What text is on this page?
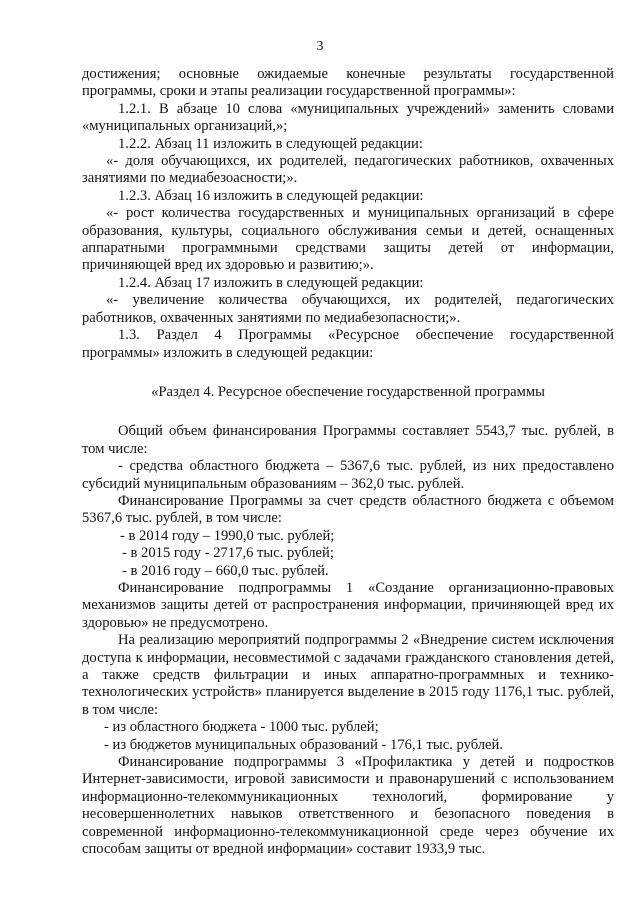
3

достижения; основные ожидаемые конечные результаты государственной программы, сроки и этапы реализации государственной программы»:

1.2.1. В абзаце 10 слова «муниципальных учреждений» заменить словами «муниципальных организаций,»;

1.2.2. Абзац 11 изложить в следующей редакции:

«- доля обучающихся, их родителей, педагогических работников, охваченных занятиями по медиабезоасности;».

1.2.3. Абзац 16 изложить в следующей редакции:

«- рост количества государственных и муниципальных организаций в сфере образования, культуры, социального обслуживания семьи и детей, оснащенных аппаратными программными средствами защиты детей от информации, причиняющей вред их здоровью и развитию;».

1.2.4. Абзац 17 изложить в следующей редакции:

«- увеличение количества обучающихся, их родителей, педагогических работников, охваченных занятиями по медиабезопасности;».

1.3. Раздел 4 Программы «Ресурсное обеспечение государственной программы» изложить в следующей редакции:

«Раздел 4. Ресурсное обеспечение государственной программы

Общий объем финансирования Программы составляет 5543,7 тыс. рублей, в том числе:

- средства областного бюджета – 5367,6 тыс. рублей, из них предоставлено субсидий муниципальным образованиям – 362,0 тыс. рублей.

Финансирование Программы за счет средств областного бюджета с объемом 5367,6 тыс. рублей, в том числе:

- в 2014 году – 1990,0 тыс. рублей;

- в 2015 году - 2717,6 тыс. рублей;

- в 2016 году – 660,0 тыс. рублей.

Финансирование подпрограммы 1 «Создание организационно-правовых механизмов защиты детей от распространения информации, причиняющей вред их здоровью» не предусмотрено.

На реализацию мероприятий подпрограммы 2 «Внедрение систем исключения доступа к информации, несовместимой с задачами гражданского становления детей, а также средств фильтрации и иных аппаратно-программных и технико-технологических устройств» планируется выделение в 2015 году 1176,1 тыс. рублей, в том числе:

- из областного бюджета - 1000 тыс. рублей;

- из бюджетов муниципальных образований - 176,1 тыс. рублей.

Финансирование подпрограммы 3 «Профилактика у детей и подростков Интернет-зависимости, игровой зависимости и правонарушений с использованием информационно-телекоммуникационных технологий, формирование у несовершеннолетних навыков ответственного и безопасного поведения в современной информационно-телекоммуникационной среде через обучение их способам защиты от вредной информации» составит 1933,9 тыс.
